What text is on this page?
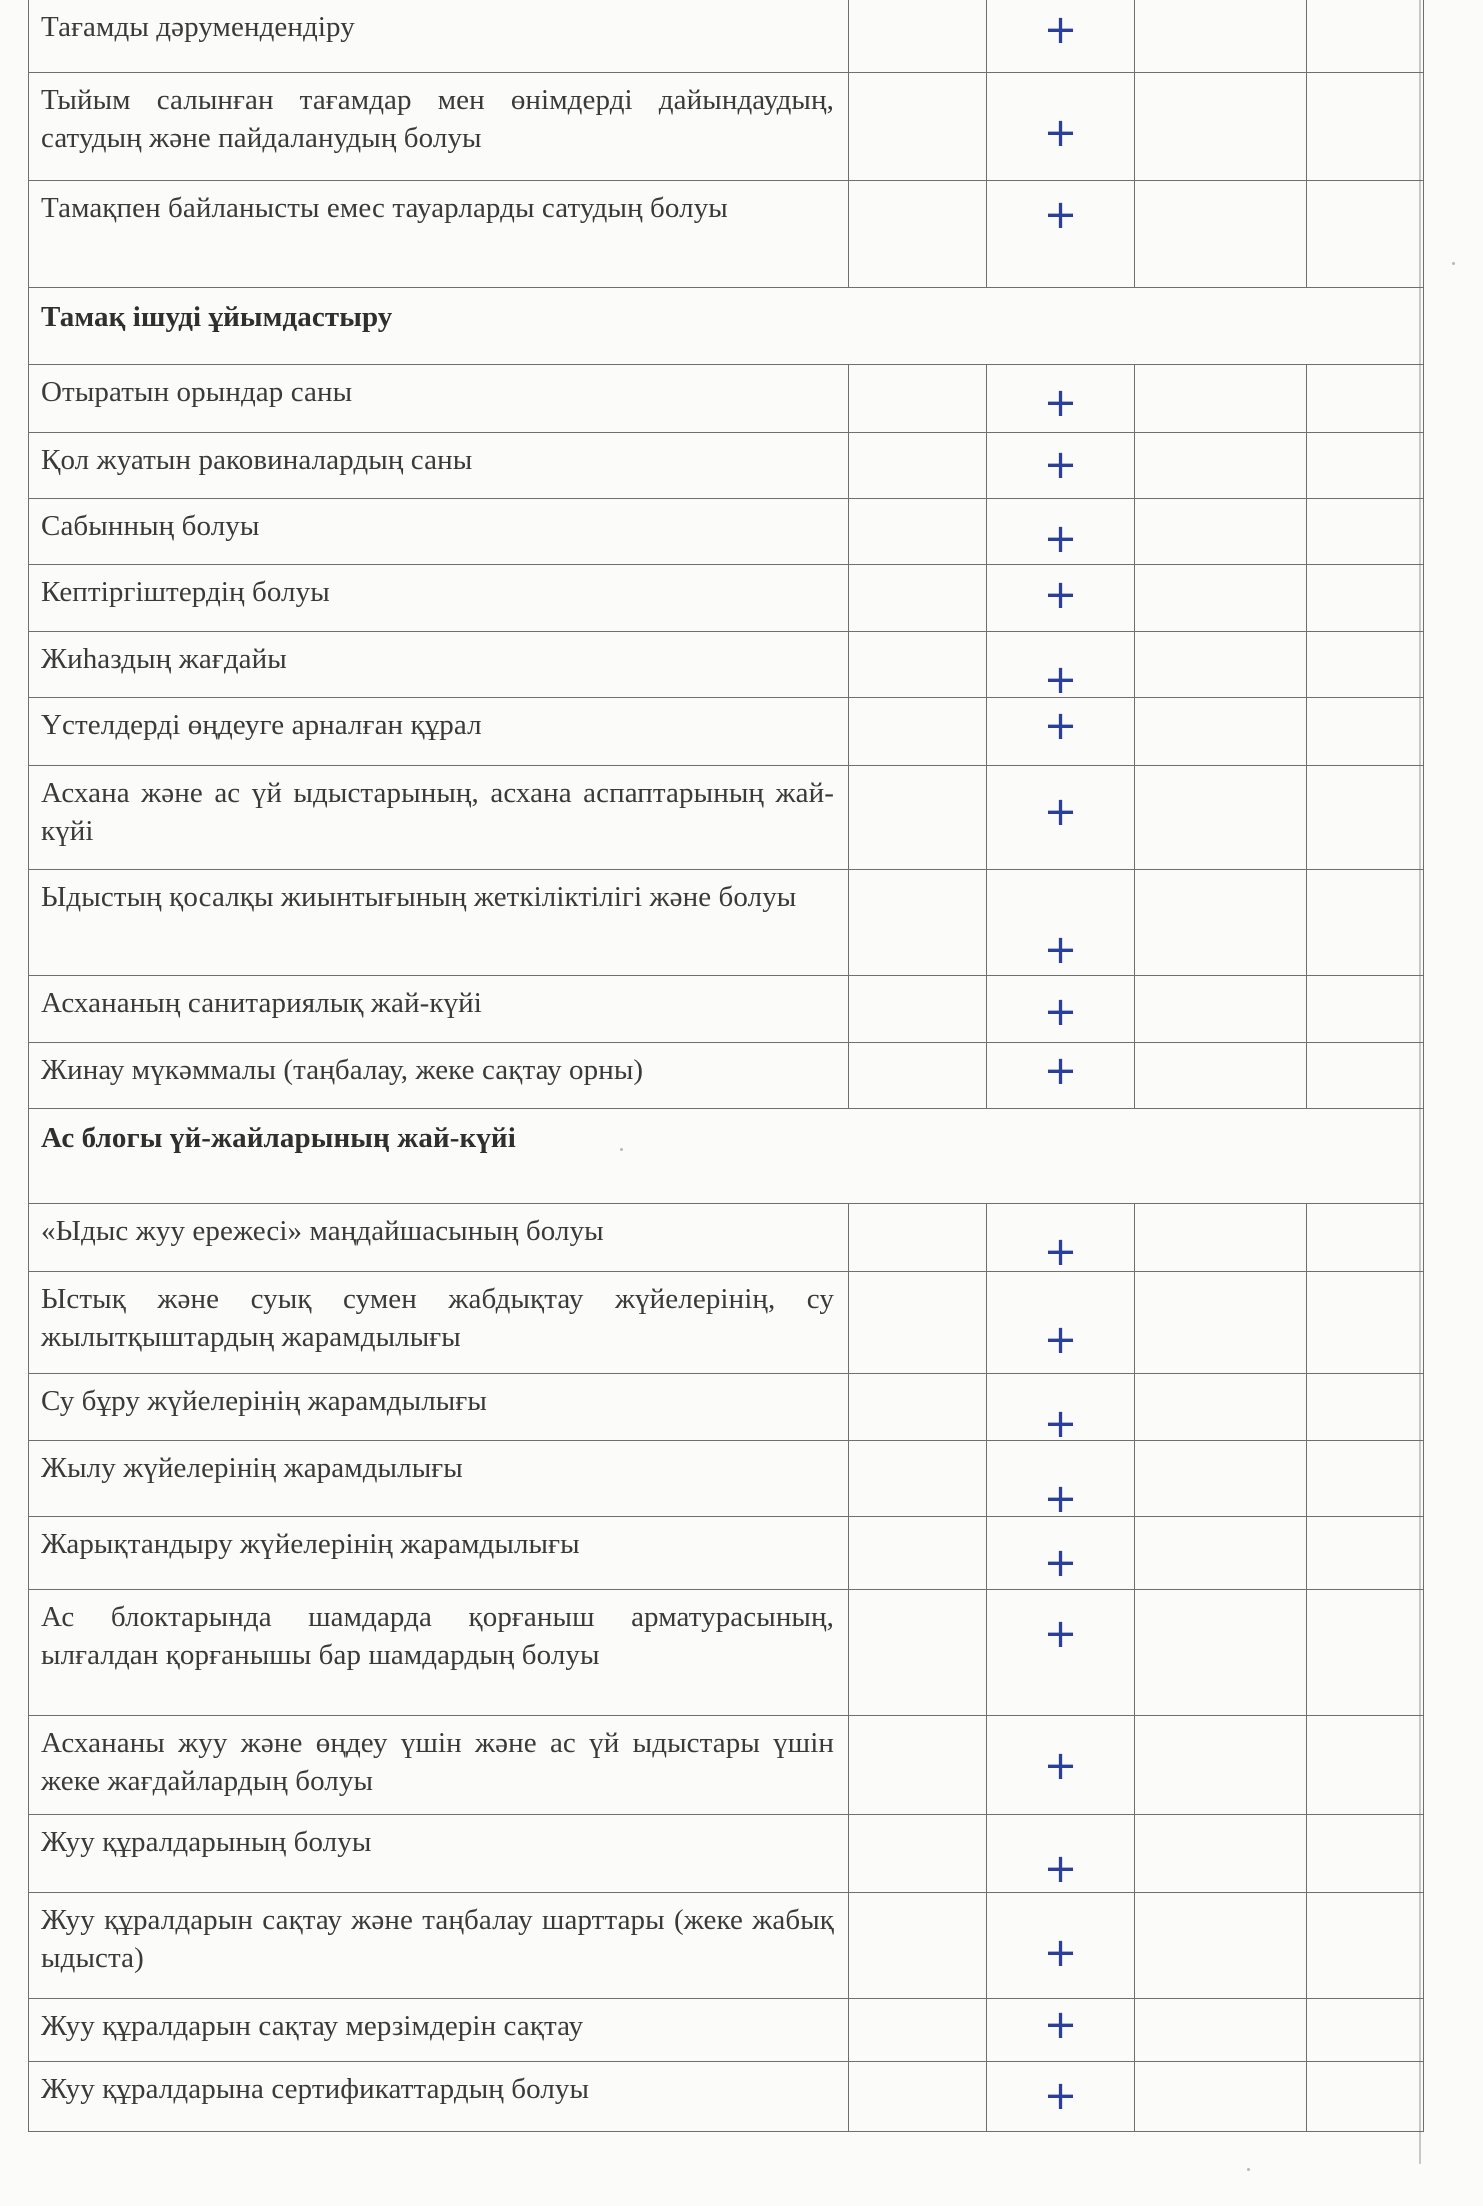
Тағамды дәрумендендіру		+		

Тыйым салынған тағамдар мен өнімдерді дайындаудың, сатудың және пайдаланудың болуы		+		

Тамақпен байланысты емес тауарларды сатудың болуы		+		

Тамақ ішуді ұйымдастыру				

Отыратын орындар саны		+		

Қол жуатын раковиналардың саны		+		

Сабынның болуы		+		

Кептіргіштердің болуы		+		

Жиһаздың жағдайы		+		

Үстелдерді өңдеуге арналған құрал		+		

Асхана және ас үй ыдыстарының, асхана аспаптарының жай-күйі		+		

Ыдыстың қосалқы жиынтығының жеткіліктілігі және болуы		+		

Асхананың санитариялық жай-күйі		+		

Жинау мүкәммалы (таңбалау, жеке сақтау орны)		+		

Ас блогы үй-жайларының жай-күйі				

«Ыдыс жуу ережесі» маңдайшасының болуы		+		

Ыстық және суық сумен жабдықтау жүйелерінің, су жылытқыштардың жарамдылығы		+		

Су бұру жүйелерінің жарамдылығы		+		

Жылу жүйелерінің жарамдылығы		+		

Жарықтандыру жүйелерінің жарамдылығы		+		

Ас блоктарында шамдарда қорғаныш арматурасының, ылғалдан қорғанышы бар шамдардың болуы		+		

Асхананы жуу және өңдеу үшін және ас үй ыдыстары үшін жеке жағдайлардың болуы		+		

Жуу құралдарының болуы		+		

Жуу құралдарын сақтау және таңбалау шарттары (жеке жабық ыдыста)		+		

Жуу құралдарын сақтау мерзімдерін сақтау		+		

Жуу құралдарына сертификаттардың болуы		+		
